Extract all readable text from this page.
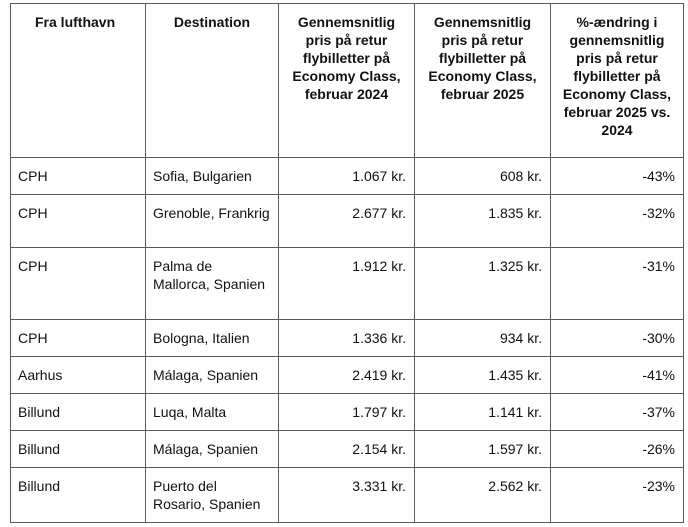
Fra lufthavn	Destination	Gennemsnitlig pris på retur flybilletter på Economy Class, februar 2024	Gennemsnitlig pris på retur flybilletter på Economy Class, februar 2025	%-ændring i gennemsnitlig pris på retur flybilletter på Economy Class, februar 2025 vs. 2024
CPH	Sofia, Bulgarien	1.067 kr.	608 kr.	-43%
CPH	Grenoble, Frankrig	2.677 kr.	1.835 kr.	-32%
CPH	Palma de Mallorca, Spanien	1.912 kr.	1.325 kr.	-31%
CPH	Bologna, Italien	1.336 kr.	934 kr.	-30%
Aarhus	Málaga, Spanien	2.419 kr.	1.435 kr.	-41%
Billund	Luqa, Malta	1.797 kr.	1.141 kr.	-37%
Billund	Málaga, Spanien	2.154 kr.	1.597 kr.	-26%
Billund	Puerto del Rosario, Spanien	3.331 kr.	2.562 kr.	-23%
